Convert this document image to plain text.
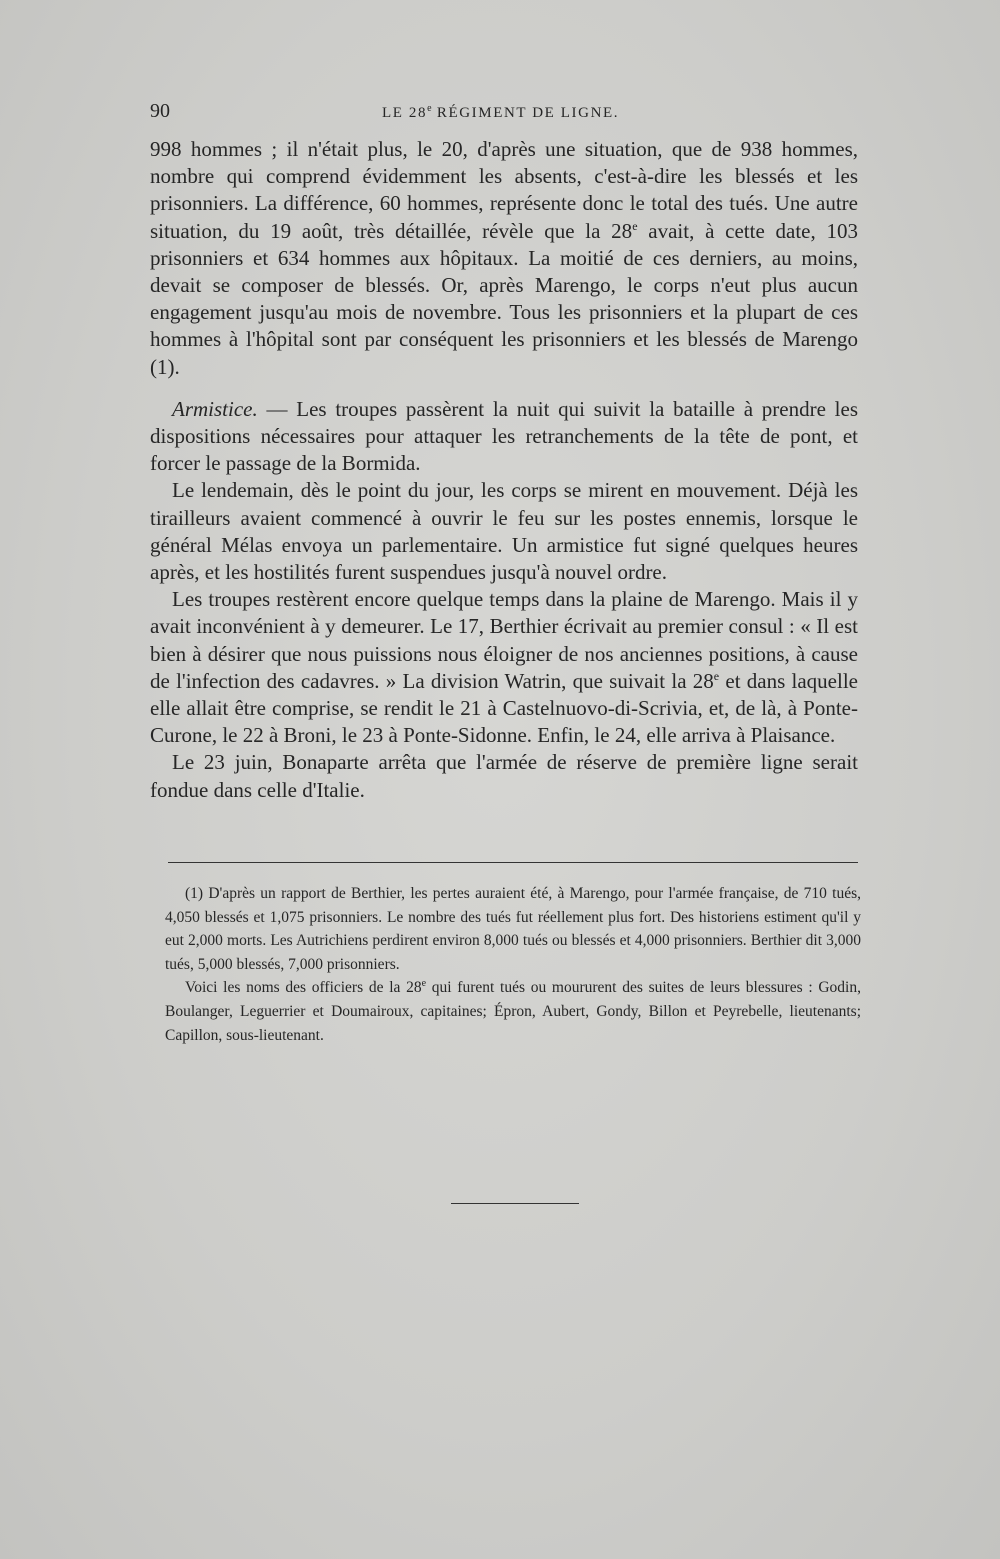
90	LE 28e RÉGIMENT DE LIGNE.

998 hommes ; il n'était plus, le 20, d'après une situation, que de 938 hommes, nombre qui comprend évidemment les absents, c'est-à-dire les blessés et les prisonniers. La différence, 60 hommes, représente donc le total des tués. Une autre situation, du 19 août, très détaillée, révèle que la 28e avait, à cette date, 103 prisonniers et 634 hommes aux hôpitaux. La moitié de ces derniers, au moins, devait se composer de blessés. Or, après Marengo, le corps n'eut plus aucun engagement jusqu'au mois de novembre. Tous les prisonniers et la plupart de ces hommes à l'hôpital sont par conséquent les prisonniers et les blessés de Marengo (1).

Armistice. — Les troupes passèrent la nuit qui suivit la bataille à prendre les dispositions nécessaires pour attaquer les retranchements de la tête de pont, et forcer le passage de la Bormida.

Le lendemain, dès le point du jour, les corps se mirent en mouvement. Déjà les tirailleurs avaient commencé à ouvrir le feu sur les postes ennemis, lorsque le général Mélas envoya un parlementaire. Un armistice fut signé quelques heures après, et les hostilités furent suspendues jusqu'à nouvel ordre.

Les troupes restèrent encore quelque temps dans la plaine de Marengo. Mais il y avait inconvénient à y demeurer. Le 17, Berthier écrivait au premier consul : « Il est bien à désirer que nous puissions nous éloigner de nos anciennes positions, à cause de l'infection des cadavres. » La division Watrin, que suivait la 28e et dans laquelle elle allait être comprise, se rendit le 21 à Castelnuovo-di-Scrivia, et, de là, à Ponte-Curone, le 22 à Broni, le 23 à Ponte-Sidonne. Enfin, le 24, elle arriva à Plaisance.

Le 23 juin, Bonaparte arrêta que l'armée de réserve de première ligne serait fondue dans celle d'Italie.

(1) D'après un rapport de Berthier, les pertes auraient été, à Marengo, pour l'armée française, de 710 tués, 4,050 blessés et 1,075 prisonniers. Le nombre des tués fut réellement plus fort. Des historiens estiment qu'il y eut 2,000 morts. Les Autrichiens perdirent environ 8,000 tués ou blessés et 4,000 prisonniers. Berthier dit 3,000 tués, 5,000 blessés, 7,000 prisonniers.

Voici les noms des officiers de la 28e qui furent tués ou moururent des suites de leurs blessures : Godin, Boulanger, Leguerrier et Doumairoux, capitaines; Épron, Aubert, Gondy, Billon et Peyrebelle, lieutenants; Capillon, sous-lieutenant.
